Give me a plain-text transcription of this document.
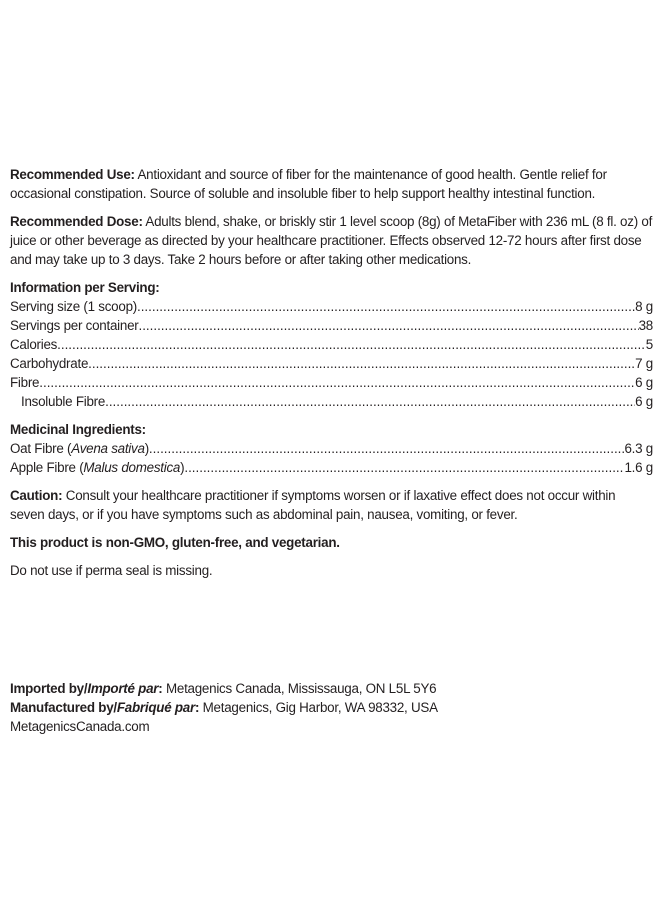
Recommended Use: Antioxidant and source of fiber for the maintenance of good health. Gentle relief for occasional constipation. Source of soluble and insoluble fiber to help support healthy intestinal function.

Recommended Dose: Adults blend, shake, or briskly stir 1 level scoop (8g) of MetaFiber with 236 mL (8 fl. oz) of juice or other beverage as directed by your healthcare practitioner. Effects observed 12-72 hours after first dose and may take up to 3 days. Take 2 hours before or after taking other medications.

Information per Serving:
Serving size (1 scoop) .....	8 g
Servings per container .....	38
Calories .....	5
Carbohydrate .....	7 g
Fibre .....	6 g
Insoluble Fibre .....	6 g
Medicinal Ingredients:
Oat Fibre (Avena sativa) .....	6.3 g
Apple Fibre (Malus domestica) .....	1.6 g

Caution: Consult your healthcare practitioner if symptoms worsen or if laxative effect does not occur within seven days, or if you have symptoms such as abdominal pain, nausea, vomiting, or fever.

This product is non-GMO, gluten-free, and vegetarian.

Do not use if perma seal is missing.

Imported by/Importé par: Metagenics Canada, Mississauga, ON L5L 5Y6

Manufactured by/Fabriqué par: Metagenics, Gig Harbor, WA 98332, USA

MetagenicsCanada.com
